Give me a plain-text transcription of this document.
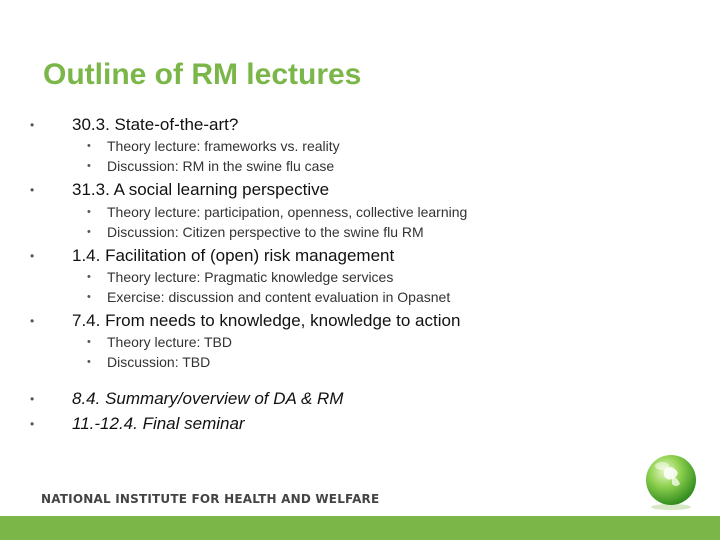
Outline of RM lectures
• 30.3. State-of-the-art?
• Theory lecture: frameworks vs. reality
• Discussion: RM in the swine flu case
• 31.3. A social learning perspective
• Theory lecture: participation, openness, collective learning
• Discussion: Citizen perspective to the swine flu RM
• 1.4. Facilitation of (open) risk management
• Theory lecture: Pragmatic knowledge services
• Exercise: discussion and content evaluation in Opasnet
• 7.4. From needs to knowledge, knowledge to action
• Theory lecture: TBD
• Discussion: TBD
• 8.4. Summary/overview of DA & RM
• 11.-12.4. Final seminar
NATIONAL INSTITUTE FOR HEALTH AND WELFARE
